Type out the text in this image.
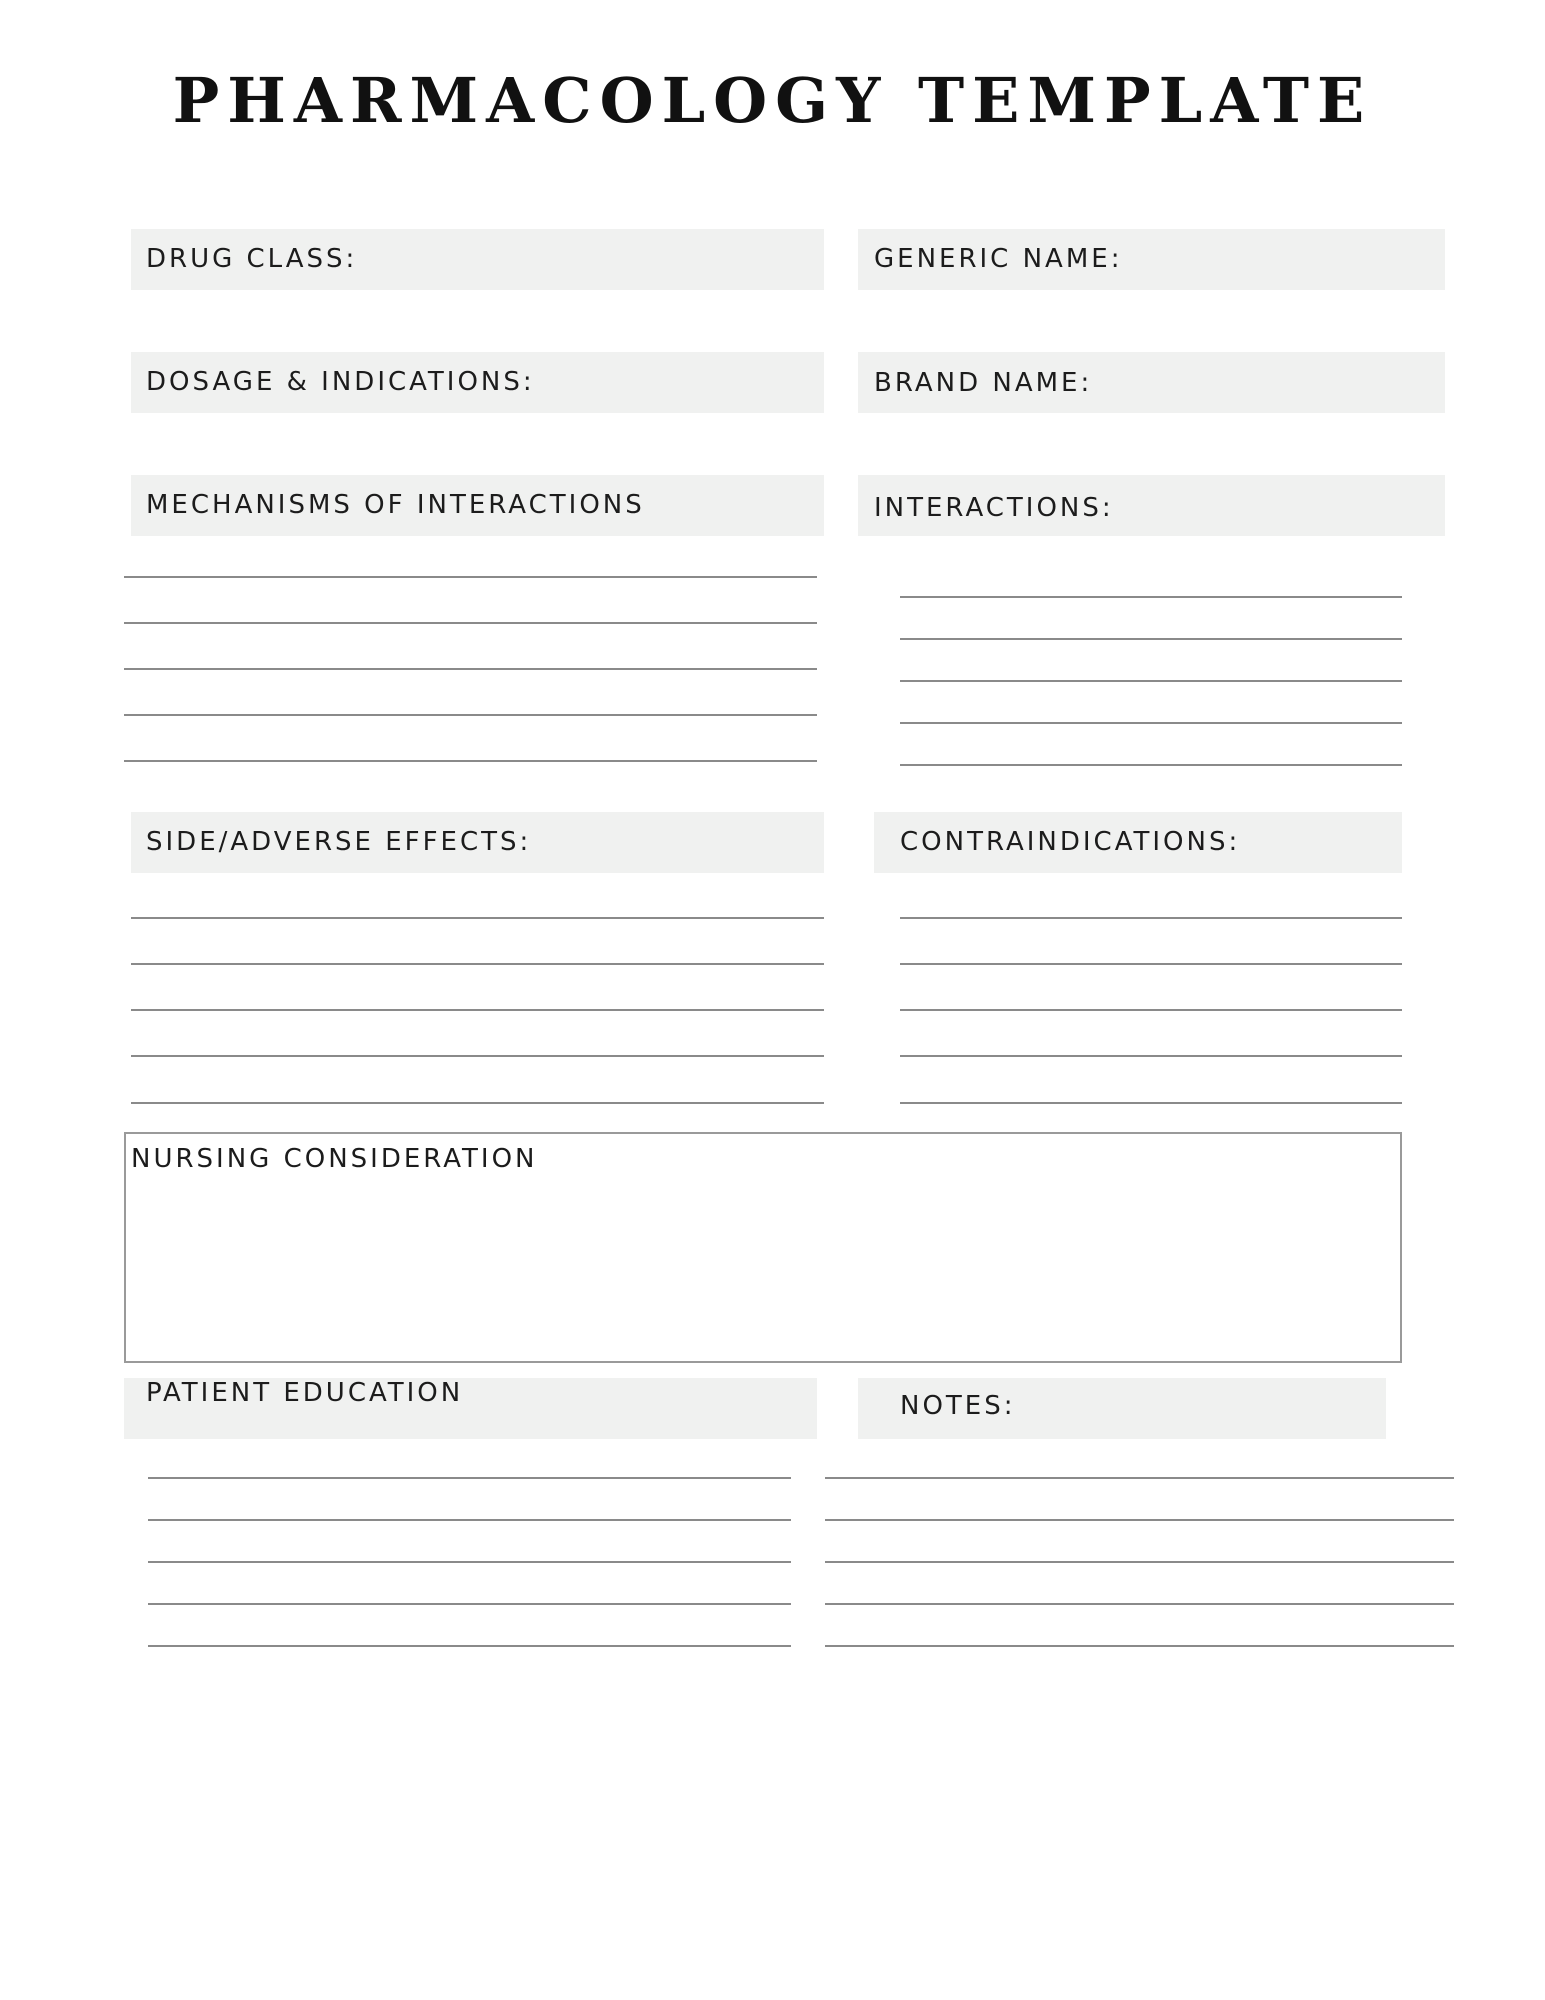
PHARMACOLOGY TEMPLATE
DRUG CLASS:	GENERIC NAME:
DOSAGE & INDICATIONS:	BRAND NAME:
MECHANISMS OF INTERACTIONS	INTERACTIONS:
SIDE/ADVERSE EFFECTS:	CONTRAINDICATIONS:
NURSING CONSIDERATION
PATIENT EDUCATION	NOTES:
